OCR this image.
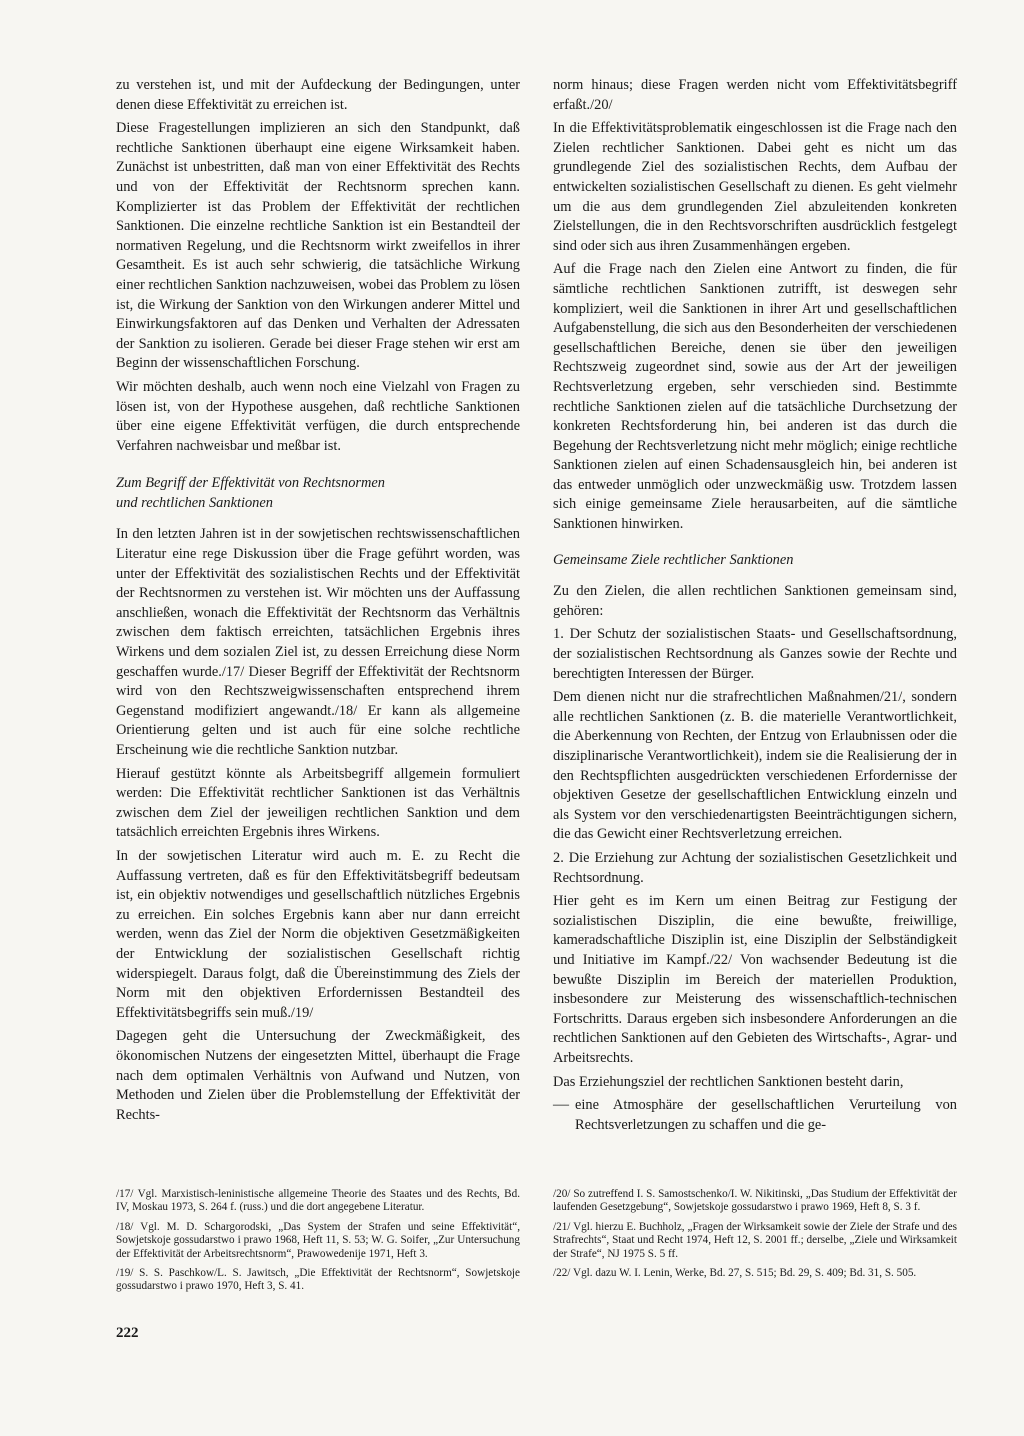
zu verstehen ist, und mit der Aufdeckung der Bedingungen, unter denen diese Effektivität zu erreichen ist.

Diese Fragestellungen implizieren an sich den Standpunkt, daß rechtliche Sanktionen überhaupt eine eigene Wirksamkeit haben. Zunächst ist unbestritten, daß man von einer Effektivität des Rechts und von der Effektivität der Rechtsnorm sprechen kann. Komplizierter ist das Problem der Effektivität der rechtlichen Sanktionen. Die einzelne rechtliche Sanktion ist ein Bestandteil der normativen Regelung, und die Rechtsnorm wirkt zweifellos in ihrer Gesamtheit. Es ist auch sehr schwierig, die tatsächliche Wirkung einer rechtlichen Sanktion nachzuweisen, wobei das Problem zu lösen ist, die Wirkung der Sanktion von den Wirkungen anderer Mittel und Einwirkungsfaktoren auf das Denken und Verhalten der Adressaten der Sanktion zu isolieren. Gerade bei dieser Frage stehen wir erst am Beginn der wissenschaftlichen Forschung.

Wir möchten deshalb, auch wenn noch eine Vielzahl von Fragen zu lösen ist, von der Hypothese ausgehen, daß rechtliche Sanktionen über eine eigene Effektivität verfügen, die durch entsprechende Verfahren nachweisbar und meßbar ist.

Zum Begriff der Effektivität von Rechtsnormen
und rechtlichen Sanktionen

In den letzten Jahren ist in der sowjetischen rechtswissenschaftlichen Literatur eine rege Diskussion über die Frage geführt worden, was unter der Effektivität des sozialistischen Rechts und der Effektivität der Rechtsnormen zu verstehen ist. Wir möchten uns der Auffassung anschließen, wonach die Effektivität der Rechtsnorm das Verhältnis zwischen dem faktisch erreichten, tatsächlichen Ergebnis ihres Wirkens und dem sozialen Ziel ist, zu dessen Erreichung diese Norm geschaffen wurde./17/ Dieser Begriff der Effektivität der Rechtsnorm wird von den Rechtszweigwissenschaften entsprechend ihrem Gegenstand modifiziert angewandt./18/ Er kann als allgemeine Orientierung gelten und ist auch für eine solche rechtliche Erscheinung wie die rechtliche Sanktion nutzbar.

Hierauf gestützt könnte als Arbeitsbegriff allgemein formuliert werden: Die Effektivität rechtlicher Sanktionen ist das Verhältnis zwischen dem Ziel der jeweiligen rechtlichen Sanktion und dem tatsächlich erreichten Ergebnis ihres Wirkens.

In der sowjetischen Literatur wird auch m. E. zu Recht die Auffassung vertreten, daß es für den Effektivitätsbegriff bedeutsam ist, ein objektiv notwendiges und gesellschaftlich nützliches Ergebnis zu erreichen. Ein solches Ergebnis kann aber nur dann erreicht werden, wenn das Ziel der Norm die objektiven Gesetzmäßigkeiten der Entwicklung der sozialistischen Gesellschaft richtig widerspiegelt. Daraus folgt, daß die Übereinstimmung des Ziels der Norm mit den objektiven Erfordernissen Bestandteil des Effektivitätsbegriffs sein muß./19/

Dagegen geht die Untersuchung der Zweckmäßigkeit, des ökonomischen Nutzens der eingesetzten Mittel, überhaupt die Frage nach dem optimalen Verhältnis von Aufwand und Nutzen, von Methoden und Zielen über die Problemstellung der Effektivität der Rechts-

norm hinaus; diese Fragen werden nicht vom Effektivitätsbegriff erfaßt./20/

In die Effektivitätsproblematik eingeschlossen ist die Frage nach den Zielen rechtlicher Sanktionen. Dabei geht es nicht um das grundlegende Ziel des sozialistischen Rechts, dem Aufbau der entwickelten sozialistischen Gesellschaft zu dienen. Es geht vielmehr um die aus dem grundlegenden Ziel abzuleitenden konkreten Zielstellungen, die in den Rechtsvorschriften ausdrücklich festgelegt sind oder sich aus ihren Zusammenhängen ergeben.

Auf die Frage nach den Zielen eine Antwort zu finden, die für sämtliche rechtlichen Sanktionen zutrifft, ist deswegen sehr kompliziert, weil die Sanktionen in ihrer Art und gesellschaftlichen Aufgabenstellung, die sich aus den Besonderheiten der verschiedenen gesellschaftlichen Bereiche, denen sie über den jeweiligen Rechtszweig zugeordnet sind, sowie aus der Art der jeweiligen Rechtsverletzung ergeben, sehr verschieden sind. Bestimmte rechtliche Sanktionen zielen auf die tatsächliche Durchsetzung der konkreten Rechtsforderung hin, bei anderen ist das durch die Begehung der Rechtsverletzung nicht mehr möglich; einige rechtliche Sanktionen zielen auf einen Schadensausgleich hin, bei anderen ist das entweder unmöglich oder unzweckmäßig usw. Trotzdem lassen sich einige gemeinsame Ziele herausarbeiten, auf die sämtliche Sanktionen hinwirken.

Gemeinsame Ziele rechtlicher Sanktionen

Zu den Zielen, die allen rechtlichen Sanktionen gemeinsam sind, gehören:

1. Der Schutz der sozialistischen Staats- und Gesellschaftsordnung, der sozialistischen Rechtsordnung als Ganzes sowie der Rechte und berechtigten Interessen der Bürger.

Dem dienen nicht nur die strafrechtlichen Maßnahmen/21/, sondern alle rechtlichen Sanktionen (z. B. die materielle Verantwortlichkeit, die Aberkennung von Rechten, der Entzug von Erlaubnissen oder die disziplinarische Verantwortlichkeit), indem sie die Realisierung der in den Rechtspflichten ausgedrückten verschiedenen Erfordernisse der objektiven Gesetze der gesellschaftlichen Entwicklung einzeln und als System vor den verschiedenartigsten Beeinträchtigungen sichern, die das Gewicht einer Rechtsverletzung erreichen.

2. Die Erziehung zur Achtung der sozialistischen Gesetzlichkeit und Rechtsordnung.

Hier geht es im Kern um einen Beitrag zur Festigung der sozialistischen Disziplin, die eine bewußte, freiwillige, kameradschaftliche Disziplin ist, eine Disziplin der Selbständigkeit und Initiative im Kampf./22/ Von wachsender Bedeutung ist die bewußte Disziplin im Bereich der materiellen Produktion, insbesondere zur Meisterung des wissenschaftlich-technischen Fortschritts. Daraus ergeben sich insbesondere Anforderungen an die rechtlichen Sanktionen auf den Gebieten des Wirtschafts-, Agrar- und Arbeitsrechts.

Das Erziehungsziel der rechtlichen Sanktionen besteht darin,

— eine Atmosphäre der gesellschaftlichen Verurteilung von Rechtsverletzungen zu schaffen und die ge-

/17/ Vgl. Marxistisch-leninistische allgemeine Theorie des Staates und des Rechts, Bd. IV, Moskau 1973, S. 264 f. (russ.) und die dort angegebene Literatur.

/18/ Vgl. M. D. Schargorodski, „Das System der Strafen und seine Effektivität“, Sowjetskoje gossudarstwo i prawo 1968, Heft 11, S. 53; W. G. Soifer, „Zur Untersuchung der Effektivität der Arbeitsrechtsnorm“, Prawowedenije 1971, Heft 3.

/19/ S. S. Paschkow/L. S. Jawitsch, „Die Effektivität der Rechtsnorm“, Sowjetskoje gossudarstwo i prawo 1970, Heft 3, S. 41.

/20/ So zutreffend I. S. Samostschenko/I. W. Nikitinski, „Das Studium der Effektivität der laufenden Gesetzgebung“, Sowjetskoje gossudarstwo i prawo 1969, Heft 8, S. 3 f.

/21/ Vgl. hierzu E. Buchholz, „Fragen der Wirksamkeit sowie der Ziele der Strafe und des Strafrechts“, Staat und Recht 1974, Heft 12, S. 2001 ff.; derselbe, „Ziele und Wirksamkeit der Strafe“, NJ 1975 S. 5 ff.

/22/ Vgl. dazu W. I. Lenin, Werke, Bd. 27, S. 515; Bd. 29, S. 409; Bd. 31, S. 505.

222
